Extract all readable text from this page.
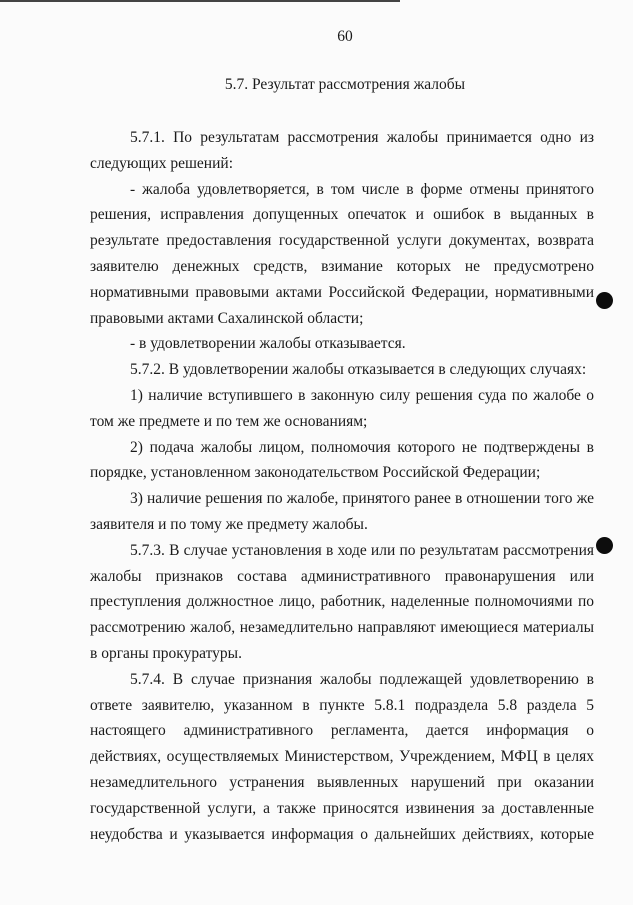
60
5.7. Результат рассмотрения жалобы

5.7.1. По результатам рассмотрения жалобы принимается одно из следующих решений:

- жалоба удовлетворяется, в том числе в форме отмены принятого решения, исправления допущенных опечаток и ошибок в выданных в результате предоставления государственной услуги документах, возврата заявителю денежных средств, взимание которых не предусмотрено нормативными правовыми актами Российской Федерации, нормативными правовыми актами Сахалинской области;

- в удовлетворении жалобы отказывается.

5.7.2. В удовлетворении жалобы отказывается в следующих случаях:

1) наличие вступившего в законную силу решения суда по жалобе о том же предмете и по тем же основаниям;

2) подача жалобы лицом, полномочия которого не подтверждены в порядке, установленном законодательством Российской Федерации;

3) наличие решения по жалобе, принятого ранее в отношении того же заявителя и по тому же предмету жалобы.

5.7.3. В случае установления в ходе или по результатам рассмотрения жалобы признаков состава административного правонарушения или преступления должностное лицо, работник, наделенные полномочиями по рассмотрению жалоб, незамедлительно направляют имеющиеся материалы в органы прокуратуры.

5.7.4. В случае признания жалобы подлежащей удовлетворению в ответе заявителю, указанном в пункте 5.8.1 подраздела 5.8 раздела 5 настоящего административного регламента, дается информация о действиях, осуществляемых Министерством, Учреждением, МФЦ в целях незамедлительного устранения выявленных нарушений при оказании государственной услуги, а также приносятся извинения за доставленные неудобства и указывается информация о дальнейших действиях, которые
